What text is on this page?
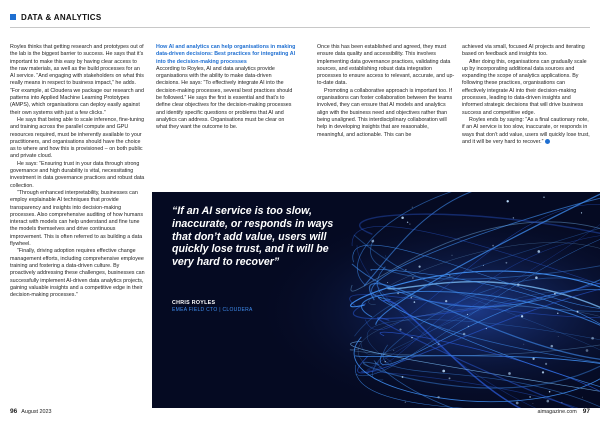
DATA & ANALYTICS

Royles thinks that getting research and prototypes out of the lab is the biggest barrier to success. He says that it’s important to make this easy by having clear access to the raw materials, as well as the build processes for an AI service. “And engaging with stakeholders on what this really means in respect to business impact,” he adds. “For example, at Cloudera we package our research and patterns into Applied Machine Learning Prototypes (AMPS), which organisations can deploy easily against their own systems with just a few clicks.”

He says that being able to scale inference, fine-tuning and training across the parallel compute and GPU resources required, must be inherently available to your practitioners, and organisations should have the choice as to where and how this is provisioned – on both public and private cloud.

He says: “Ensuring trust in your data through strong governance and high durability is vital, necessitating investment in data governance practices and robust data collection.

“Through enhanced interpretability, businesses can employ explainable AI techniques that provide transparency and insights into decision-making processes. Also comprehensive auditing of how humans interact with models can help understand and fine tune the models themselves and drive continuous improvement. This is often referred to as building a data flywheel.

“Finally, driving adoption requires effective change management efforts, including comprehensive employee training and fostering a data-driven culture. By proactively addressing these challenges, businesses can successfully implement AI-driven data analytics projects, gaining valuable insights and a competitive edge in their decision-making processes.”

How AI and analytics can help organisations in making data-driven decisions: Best practices for integrating AI into the decision-making processes

According to Royles, AI and data analytics provide organisations with the ability to make data-driven decisions. He says: “To effectively integrate AI into the decision-making processes, several best practices should be followed.” He says the first is essential and that’s to define clear objectives for the decision-making processes and identify specific questions or problems that AI and analytics can address. Organisations must be clear on what they want the outcome to be.

Once this has been established and agreed, they must ensure data quality and accessibility. This involves implementing data governance practices, validating data sources, and establishing robust data integration processes to ensure access to relevant, accurate, and up-to-date data.

Promoting a collaborative approach is important too. If organisations can foster collaboration between the teams involved, they can ensure that AI models and analytics align with the business need and objectives rather than being unaligned. This interdisciplinary collaboration will help in developing insights that are reasonable, meaningful, and actionable. This can be

achieved via small, focused AI projects and iterating based on feedback and insights too.

After doing this, organisations can gradually scale up by incorporating additional data sources and expanding the scope of analytics applications. By following these practices, organisations can effectively integrate AI into their decision-making processes, leading to data-driven insights and informed strategic decisions that will drive business success and competitive edge.

Royles ends by saying: “As a final cautionary note, if an AI service is too slow, inaccurate, or responds in ways that don’t add value, users will quickly lose trust, and it will be very hard to recover.”

“If an AI service is too slow, inaccurate, or responds in ways that don’t add value, users will quickly lose trust, and it will be very hard to recover”
CHRIS ROYLES
EMEA FIELD CTO | CLOUDERA
96 August 2023	aimagazine.com 97
